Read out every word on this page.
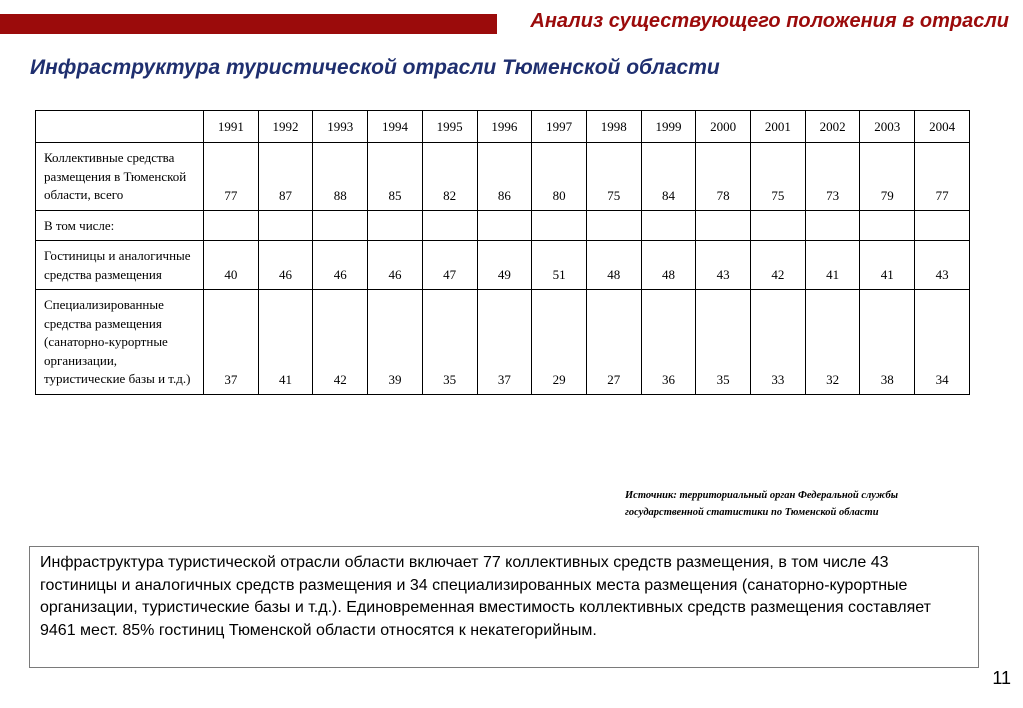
Анализ существующего положения в отрасли
Инфраструктура туристической отрасли Тюменской области
	1991	1992	1993	1994	1995	1996	1997	1998	1999	2000	2001	2002	2003	2004
Коллективные средства размещения в Тюменской области, всего	77	87	88	85	82	86	80	75	84	78	75	73	79	77
В том числе:														
Гостиницы и аналогичные средства размещения	40	46	46	46	47	49	51	48	48	43	42	41	41	43
Специализированные средства размещения (санаторно-курортные организации, туристические базы и т.д.)	37	41	42	39	35	37	29	27	36	35	33	32	38	34
Источник: территориальный орган Федеральной службы государственной статистики по Тюменской области
Инфраструктура туристической отрасли области включает 77 коллективных средств размещения, в том числе 43 гостиницы и аналогичных средств размещения и 34 специализированных места размещения (санаторно-курортные организации, туристические базы и т.д.). Единовременная вместимость коллективных средств размещения составляет 9461 мест. 85% гостиниц Тюменской области относятся к некатегорийным.
11
